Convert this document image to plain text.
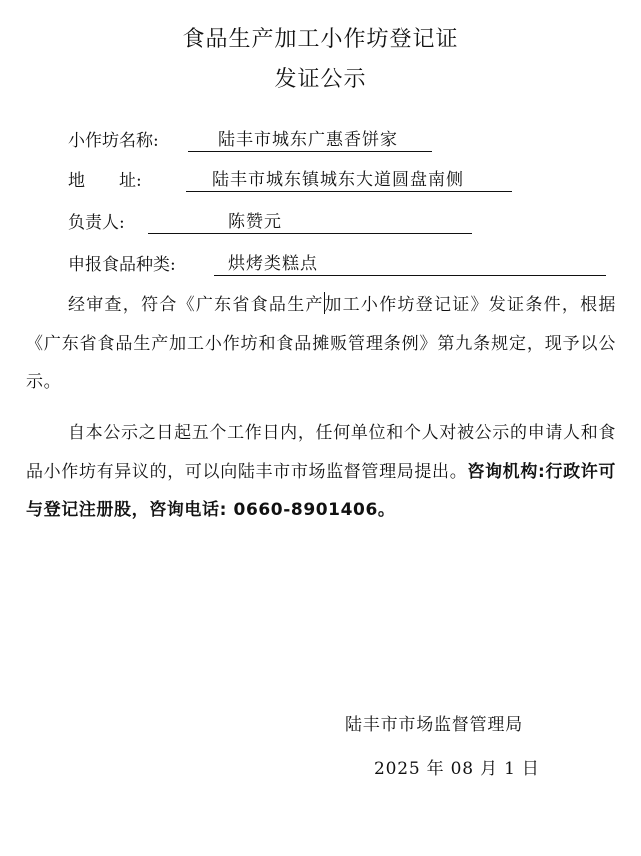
食品生产加工小作坊登记证
发证公示
小作坊名称:	陆丰市城东广惠香饼家
地　　址:	陆丰市城东镇城东大道圆盘南侧
负责人:	陈赞元
申报食品种类:	烘烤类糕点
经审查，符合《广东省食品生产加工小作坊登记证》发证条件，根据《广东省食品生产加工小作坊和食品摊贩管理条例》第九条规定，现予以公示。
自本公示之日起五个工作日内，任何单位和个人对被公示的申请人和食品小作坊有异议的，可以向陆丰市市场监督管理局提出。咨询机构:行政许可与登记注册股，咨询电话: 0660-8901406。
陆丰市市场监督管理局
2025 年 08 月 1 日
